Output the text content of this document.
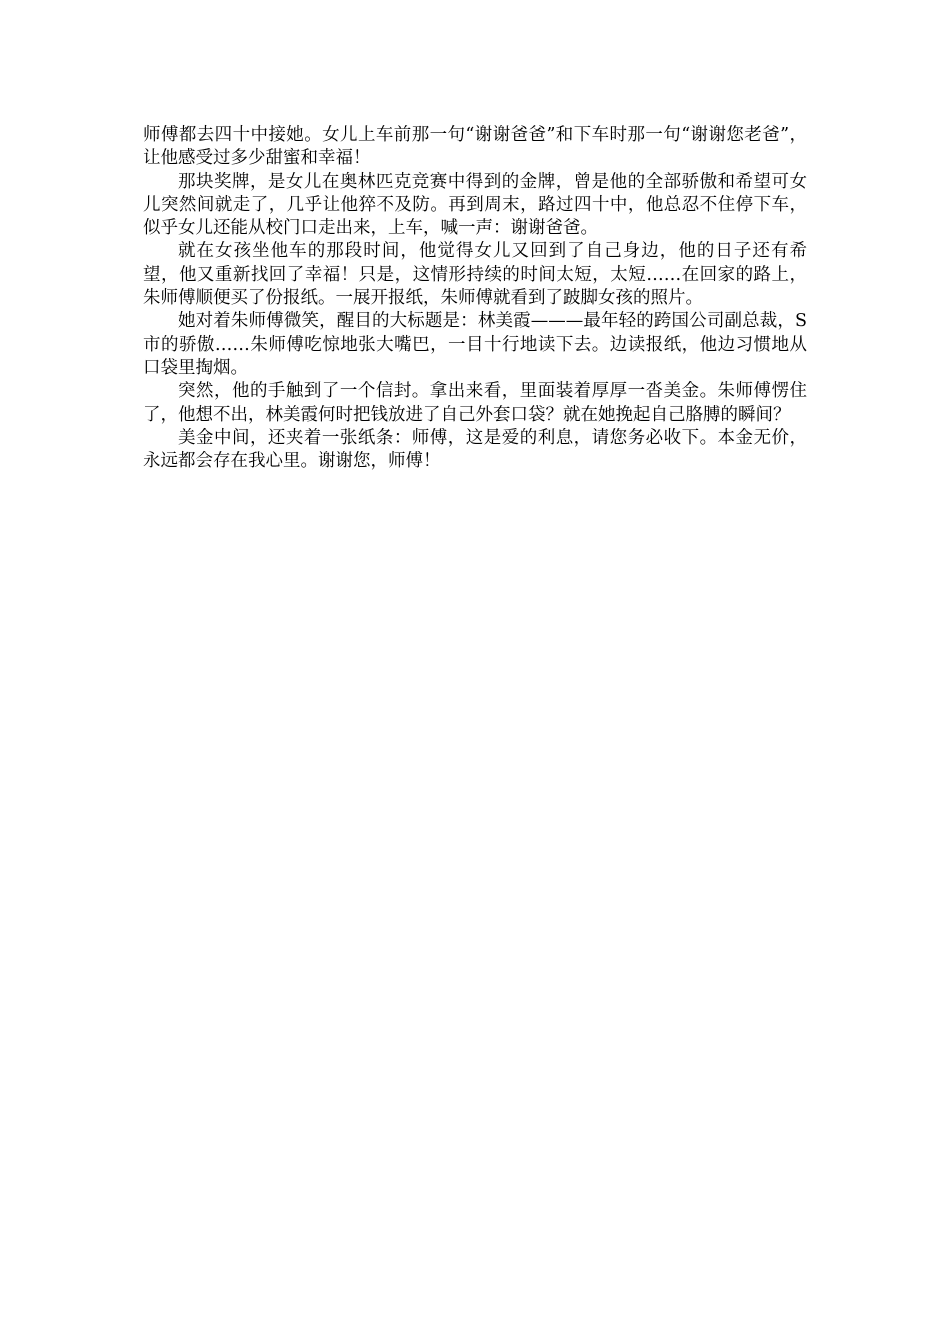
师傅都去四十中接她。女儿上车前那一句“谢谢爸爸”和下车时那一句“谢谢您老爸”，让他感受过多少甜蜜和幸福！

那块奖牌，是女儿在奥林匹克竞赛中得到的金牌，曾是他的全部骄傲和希望可女儿突然间就走了，几乎让他猝不及防。再到周末，路过四十中，他总忍不住停下车，似乎女儿还能从校门口走出来，上车，喊一声：谢谢爸爸。

就在女孩坐他车的那段时间，他觉得女儿又回到了自己身边，他的日子还有希望，他又重新找回了幸福！只是，这情形持续的时间太短，太短……在回家的路上，朱师傅顺便买了份报纸。一展开报纸，朱师傅就看到了跛脚女孩的照片。

她对着朱师傅微笑，醒目的大标题是：林美霞———最年轻的跨国公司副总裁，S市的骄傲……朱师傅吃惊地张大嘴巴，一目十行地读下去。边读报纸，他边习惯地从口袋里掏烟。

突然，他的手触到了一个信封。拿出来看，里面装着厚厚一沓美金。朱师傅愣住了，他想不出，林美霞何时把钱放进了自己外套口袋？就在她挽起自己胳膊的瞬间？

美金中间，还夹着一张纸条：师傅，这是爱的利息，请您务必收下。本金无价，永远都会存在我心里。谢谢您，师傅！
